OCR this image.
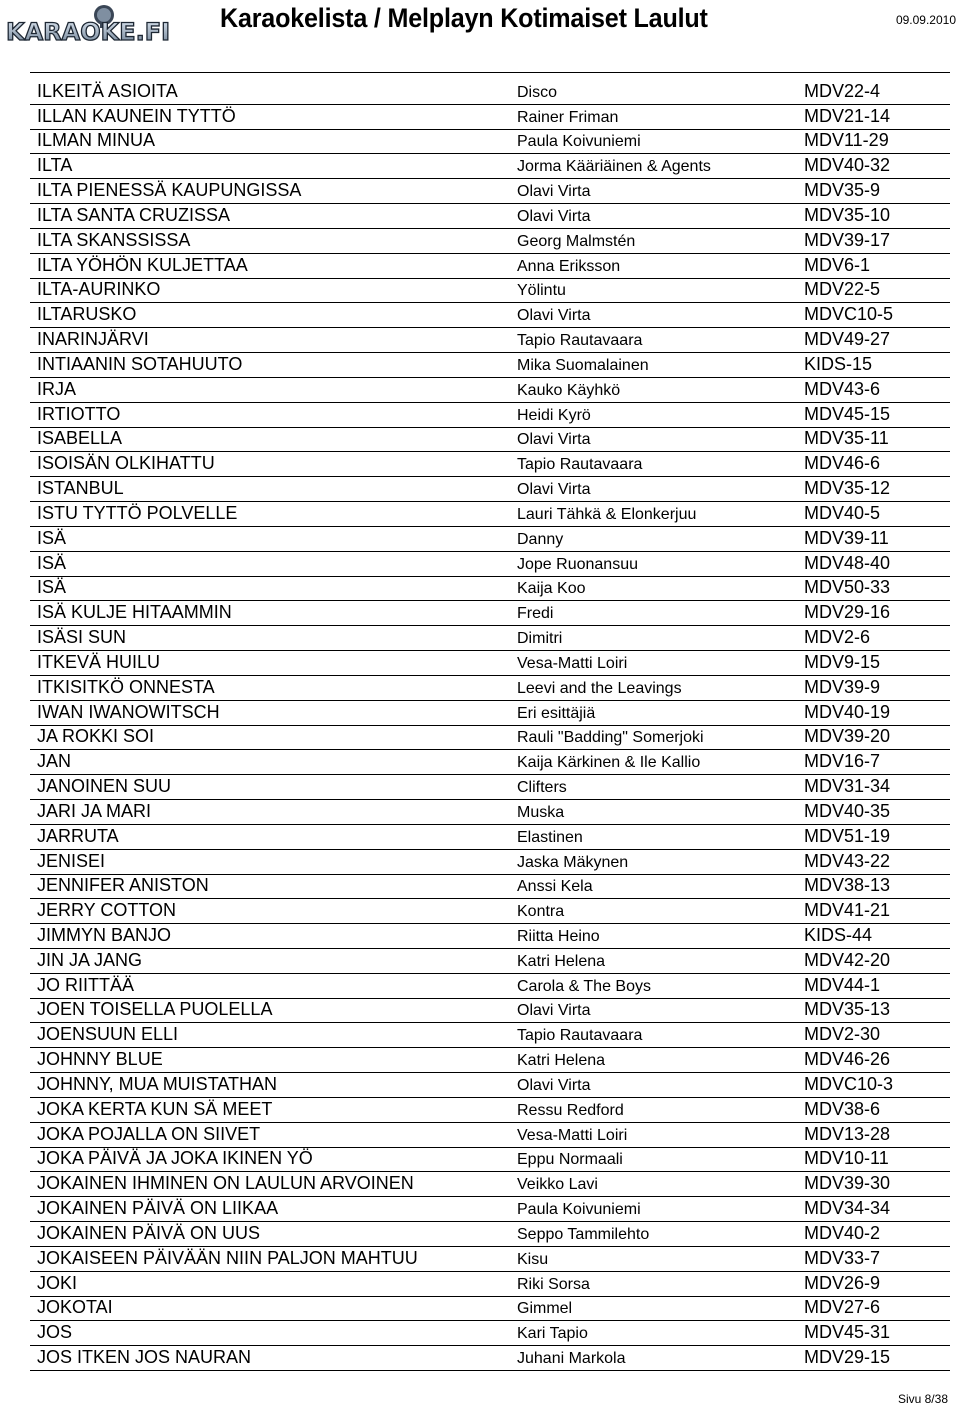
KARAOKE.FI Karaokelista / Melplayn Kotimaiset Laulut	09.09.2010
ILKEITÄ ASIOITA	Disco	MDV22-4
ILLAN KAUNEIN TYTTÖ	Rainer Friman	MDV21-14
ILMAN MINUA	Paula Koivuniemi	MDV11-29
ILTA	Jorma Kääriäinen & Agents	MDV40-32
ILTA PIENESSÄ KAUPUNGISSA	Olavi Virta	MDV35-9
ILTA SANTA CRUZISSA	Olavi Virta	MDV35-10
ILTA SKANSSISSA	Georg Malmstén	MDV39-17
ILTA YÖHÖN KULJETTAA	Anna Eriksson	MDV6-1
ILTA-AURINKO	Yölintu	MDV22-5
ILTARUSKO	Olavi Virta	MDVC10-5
INARINJÄRVI	Tapio Rautavaara	MDV49-27
INTIAANIN SOTAHUUTO	Mika Suomalainen	KIDS-15
IRJA	Kauko Käyhkö	MDV43-6
IRTIOTTO	Heidi Kyrö	MDV45-15
ISABELLA	Olavi Virta	MDV35-11
ISOISÄN OLKIHATTU	Tapio Rautavaara	MDV46-6
ISTANBUL	Olavi Virta	MDV35-12
ISTU TYTTÖ POLVELLE	Lauri Tähkä & Elonkerjuu	MDV40-5
ISÄ	Danny	MDV39-11
ISÄ	Jope Ruonansuu	MDV48-40
ISÄ	Kaija Koo	MDV50-33
ISÄ KULJE HITAAMMIN	Fredi	MDV29-16
ISÄSI SUN	Dimitri	MDV2-6
ITKEVÄ HUILU	Vesa-Matti Loiri	MDV9-15
ITKISITKÖ ONNESTA	Leevi and the Leavings	MDV39-9
IWAN IWANOWITSCH	Eri esittäjiä	MDV40-19
JA ROKKI SOI	Rauli "Badding" Somerjoki	MDV39-20
JAN	Kaija Kärkinen & Ile Kallio	MDV16-7
JANOINEN SUU	Clifters	MDV31-34
JARI JA MARI	Muska	MDV40-35
JARRUTA	Elastinen	MDV51-19
JENISEI	Jaska Mäkynen	MDV43-22
JENNIFER ANISTON	Anssi Kela	MDV38-13
JERRY COTTON	Kontra	MDV41-21
JIMMYN BANJO	Riitta Heino	KIDS-44
JIN JA JANG	Katri Helena	MDV42-20
JO RIITTÄÄ	Carola & The Boys	MDV44-1
JOEN TOISELLA PUOLELLA	Olavi Virta	MDV35-13
JOENSUUN ELLI	Tapio Rautavaara	MDV2-30
JOHNNY BLUE	Katri Helena	MDV46-26
JOHNNY, MUA MUISTATHAN	Olavi Virta	MDVC10-3
JOKA KERTA KUN SÄ MEET	Ressu Redford	MDV38-6
JOKA POJALLA ON SIIVET	Vesa-Matti Loiri	MDV13-28
JOKA PÄIVÄ JA JOKA IKINEN YÖ	Eppu Normaali	MDV10-11
JOKAINEN IHMINEN ON LAULUN ARVOINEN	Veikko Lavi	MDV39-30
JOKAINEN PÄIVÄ ON LIIKAA	Paula Koivuniemi	MDV34-34
JOKAINEN PÄIVÄ ON UUS	Seppo Tammilehto	MDV40-2
JOKAISEEN PÄIVÄÄN NIIN PALJON MAHTUU	Kisu	MDV33-7
JOKI	Riki Sorsa	MDV26-9
JOKOTAI	Gimmel	MDV27-6
JOS	Kari Tapio	MDV45-31
JOS ITKEN JOS NAURAN	Juhani Markola	MDV29-15
Sivu 8/38
